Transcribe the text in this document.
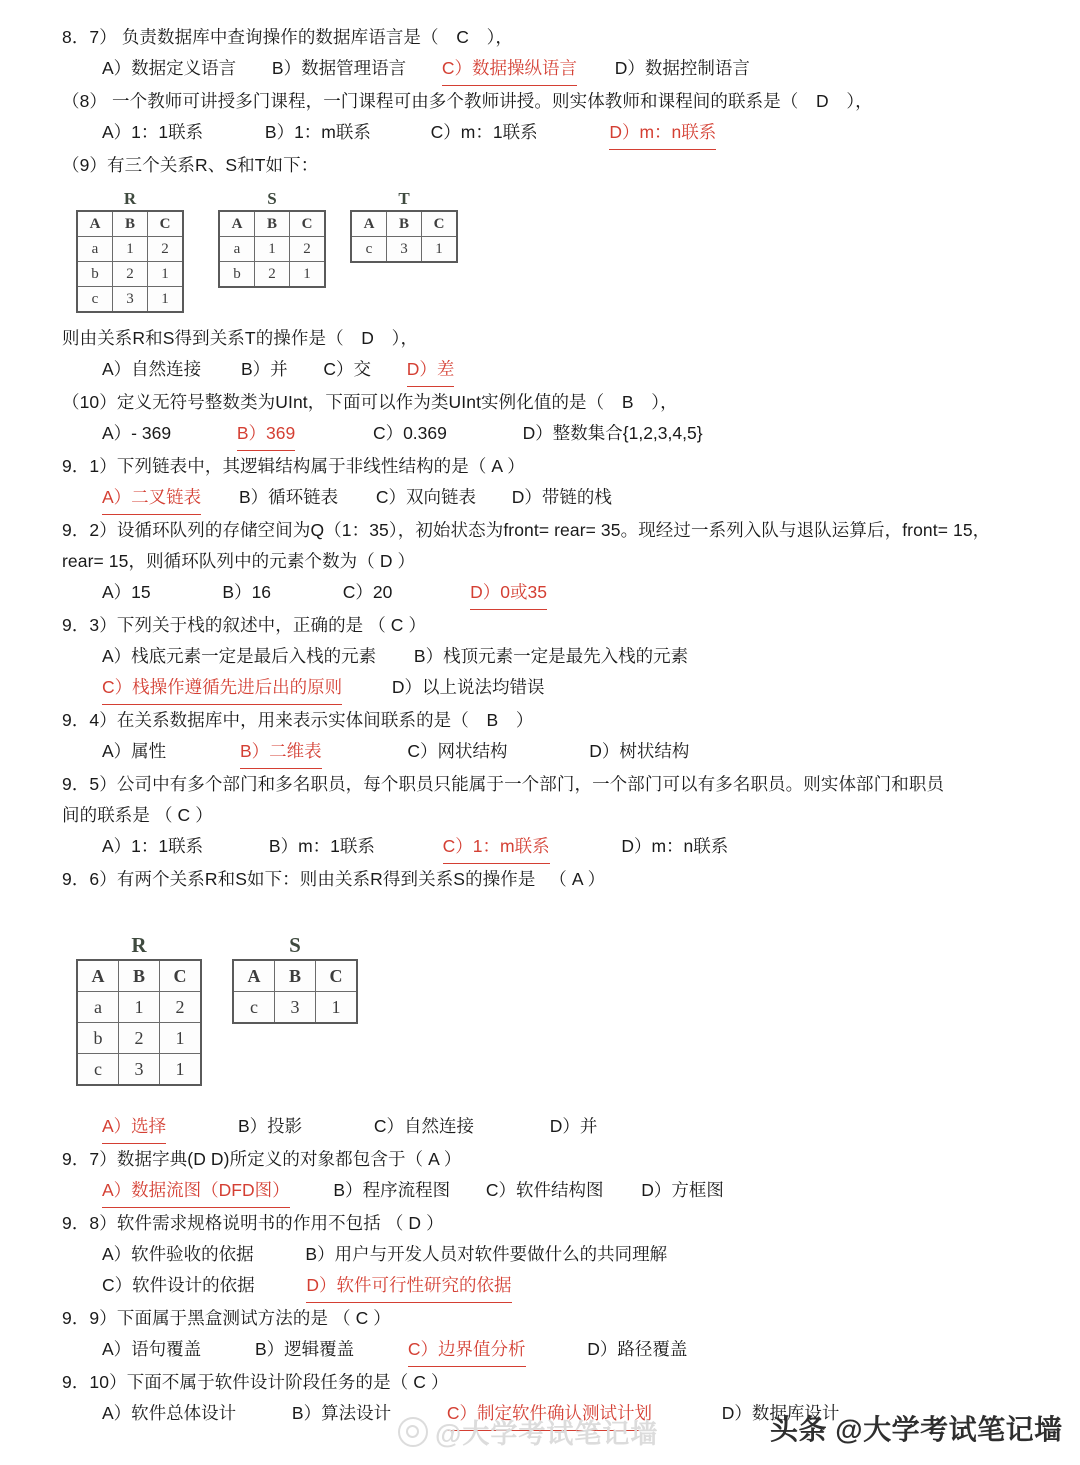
8．7） 负责数据库中查询操作的数据库语言是（　C　），
A）数据定义语言 B）数据管理语言 C）数据操纵语言 D）数据控制语言
（8） 一个教师可讲授多门课程，一门课程可由多个教师讲授。则实体教师和课程间的联系是（　D　），
A）1：1联系	B）1：m联系	C）m：1联系	D）m：n联系
（9）有三个关系R、S和T如下：
R
A	B	C
a	1	2
b	2	1
c	3	1
S
A	B	C
a	1	2
b	2	1
T
A	B	C
c	3	1
则由关系R和S得到关系T的操作是（　D　），
A）自然连接 B）并 C）交 D）差
（10）定义无符号整数类为UInt，下面可以作为类UInt实例化值的是（　B　），
A）- 369	B）369	C）0.369	D）整数集合{1,2,3,4,5}
9．1）下列链表中，其逻辑结构属于非线性结构的是（ A ）
A）二叉链表 B）循环链表 C）双向链表 D）带链的栈
9．2）设循环队列的存储空间为Q（1：35），初始状态为front= rear= 35。现经过一系列入队与退队运算后，front= 15，
rear= 15，则循环队列中的元素个数为（ D ）
A）15	B）16	C）20	D）0或35
9．3）下列关于栈的叙述中，正确的是 （ C ）
A）栈底元素一定是最后入栈的元素 B）栈顶元素一定是最先入栈的元素
C）栈操作遵循先进后出的原则	D）以上说法均错误
9．4）在关系数据库中，用来表示实体间联系的是（　B　）
A）属性	B）二维表	C）网状结构	D）树状结构
9．5）公司中有多个部门和多名职员，每个职员只能属于一个部门，一个部门可以有多名职员。则实体部门和职员
间的联系是 （ C ）
A）1：1联系	B）m：1联系	C）1：m联系	D）m：n联系
9．6）有两个关系R和S如下：则由关系R得到关系S的操作是 　（ A ）
R
A	B	C
a	1	2
b	2	1
c	3	1
S
A	B	C
c	3	1
A）选择	B）投影	C）自然连接	D）并
9．7）数据字典(D D)所定义的对象都包含于（ A ）
A）数据流图（DFD图）	B）程序流程图 C）软件结构图 D）方框图
9．8）软件需求规格说明书的作用不包括 （ D ）
A）软件验收的依据	B）用户与开发人员对软件要做什么的共同理解
C）软件设计的依据	D）软件可行性研究的依据
9．9）下面属于黑盒测试方法的是 （ C ）
A）语句覆盖	B）逻辑覆盖	C）边界值分析	D）路径覆盖
9．10）下面不属于软件设计阶段任务的是（ C ）
A）软件总体设计	B）算法设计	C）制定软件确认测试计划	D）数据库设计
@大学考试笔记墙	头条 @大学考试笔记墙
